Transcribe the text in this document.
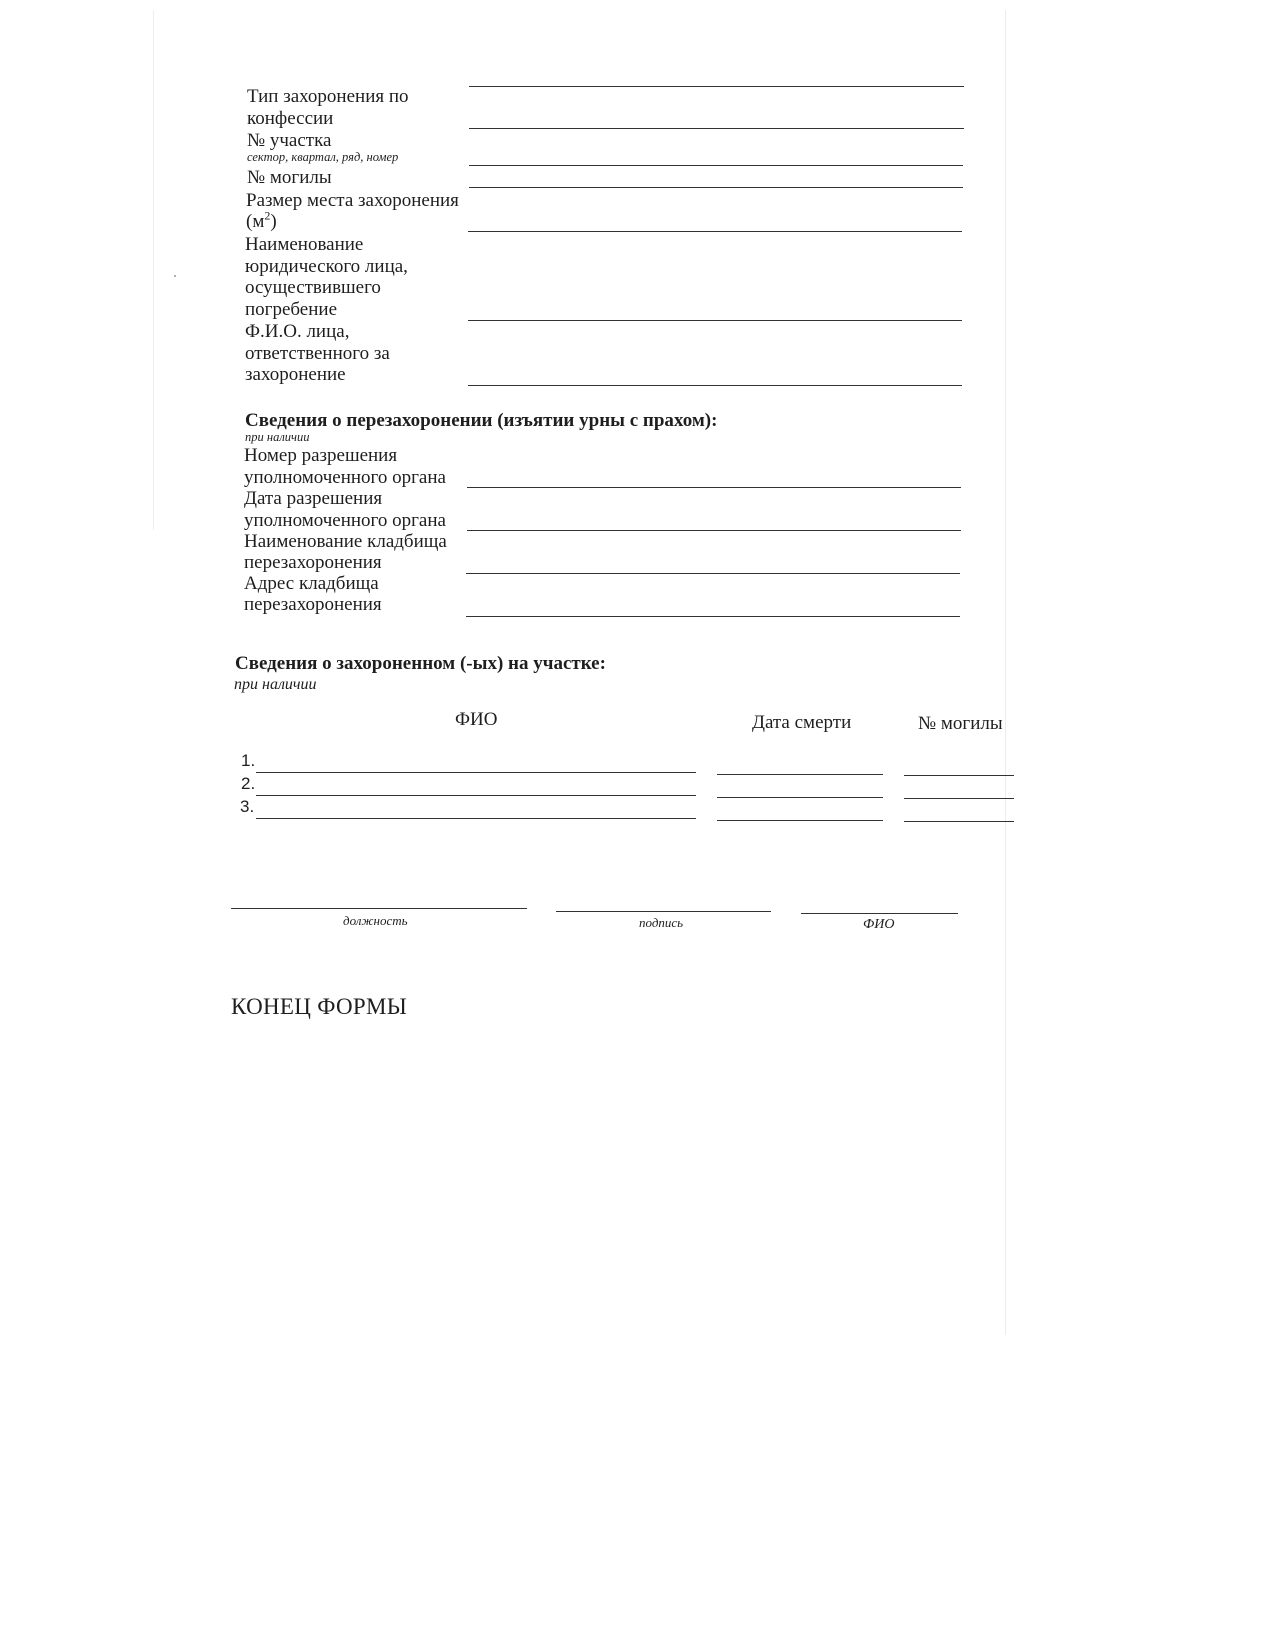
Тип захоронения по
конфессии
№ участка
сектор, квартал, ряд, номер
№ могилы
Размер места захоронения
$(м^2)$
Наименование
юридического лица,
осуществившего
погребение
Ф.И.О. лица,
ответственного за
захоронение
Сведения о перезахоронении (изъятии урны с прахом):
при наличии
Номер разрешения
уполномоченного органа
Дата разрешения
уполномоченного органа
Наименование кладбища
перезахоронения
Адрес кладбища
перезахоронения
Сведения о захороненном (-ых) на участке:
при наличии
ФИО	Дата смерти	№ могилы
1.
2.
3.
должность	подпись	ФИО
КОНЕЦ ФОРМЫ
